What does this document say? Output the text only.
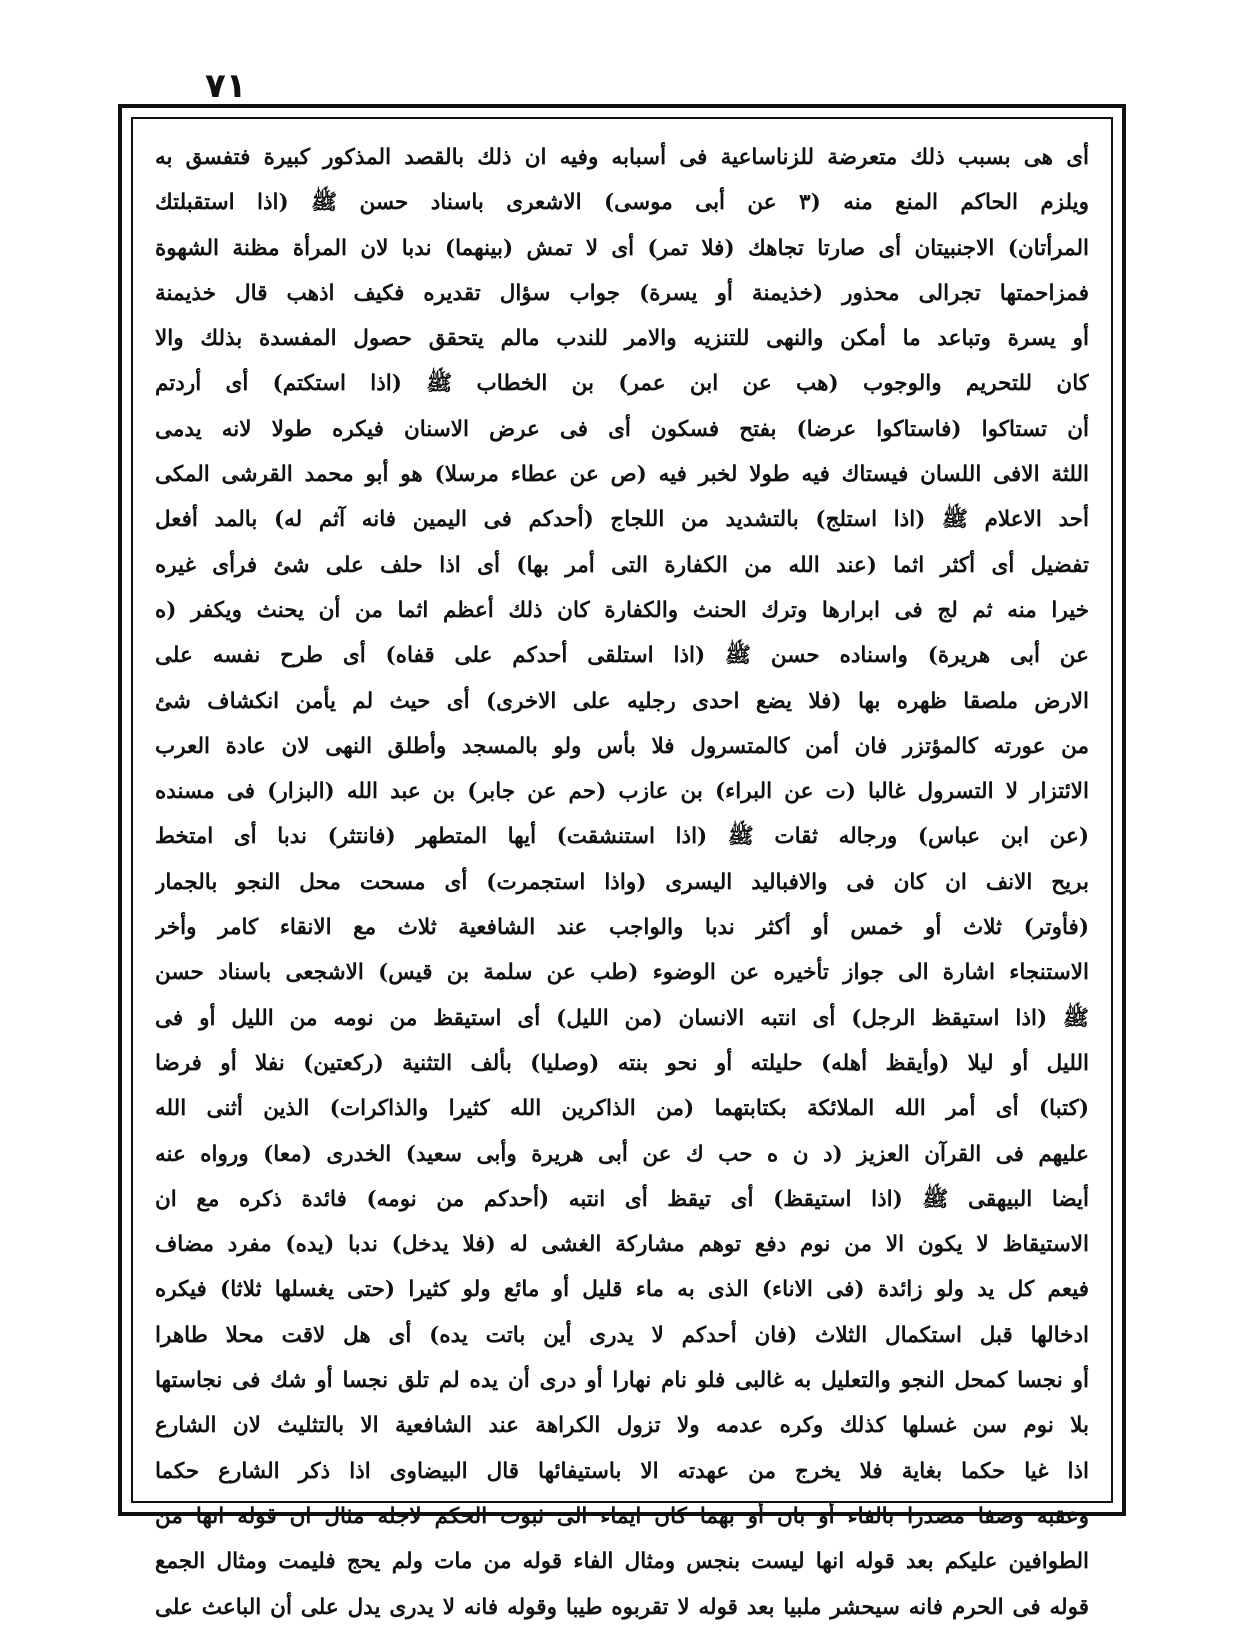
٧١
أى هى بسبب ذلك متعرضة للزناساعية فى أسبابه وفيه ان ذلك بالقصد المذكور كبيرة فتفسق به
ويلزم الحاكم المنع منه (٣ عن أبى موسى) الاشعرى باسناد حسن ﷺ (اذا استقبلتك
المرأتان) الاجنبيتان أى صارتا تجاهك (فلا تمر) أى لا تمش (بينهما) ندبا لان المرأة مظنة الشهوة
فمزاحمتها تجرالى محذور (خذيمنة أو يسرة) جواب سؤال تقديره فكيف اذهب قال خذيمنة
أو يسرة وتباعد ما أمكن والنهى للتنزيه والامر للندب مالم يتحقق حصول المفسدة بذلك والا
كان للتحريم والوجوب (هب عن ابن عمر) بن الخطاب ﷺ (اذا استكتم) أى أردتم
أن تستاكوا (فاستاكوا عرضا) بفتح فسكون أى فى عرض الاسنان فيكره طولا لانه يدمى
اللثة الافى اللسان فيستاك فيه طولا لخبر فيه (ص عن عطاء مرسلا) هو أبو محمد القرشى المكى
أحد الاعلام ﷺ (اذا استلج) بالتشديد من اللجاج (أحدكم فى اليمين فانه آثم له) بالمد أفعل
تفضيل أى أكثر اثما (عند الله من الكفارة التى أمر بها) أى اذا حلف على شئ فرأى غيره
خيرا منه ثم لج فى ابرارها وترك الحنث والكفارة كان ذلك أعظم اثما من أن يحنث ويكفر (ه
عن أبى هريرة) واسناده حسن ﷺ (اذا استلقى أحدكم على قفاه) أى طرح نفسه على
الارض ملصقا ظهره بها (فلا يضع احدى رجليه على الاخرى) أى حيث لم يأمن انكشاف شئ
من عورته كالمؤتزر فان أمن كالمتسرول فلا بأس ولو بالمسجد وأطلق النهى لان عادة العرب
الائتزار لا التسرول غالبا (ت عن البراء) بن عازب (حم عن جابر) بن عبد الله (البزار) فى مسنده
(عن ابن عباس) ورجاله ثقات ﷺ (اذا استنشقت) أيها المتطهر (فانتثر) ندبا أى امتخط
بريح الانف ان كان فى والافباليد اليسرى (واذا استجمرت) أى مسحت محل النجو بالجمار
(فأوتر) ثلاث أو خمس أو أكثر ندبا والواجب عند الشافعية ثلاث مع الانقاء كامر وأخر
الاستنجاء اشارة الى جواز تأخيره عن الوضوء (طب عن سلمة بن قيس) الاشجعى باسناد حسن
ﷺ (اذا استيقظ الرجل) أى انتبه الانسان (من الليل) أى استيقظ من نومه من الليل أو فى
الليل أو ليلا (وأيقظ أهله) حليلته أو نحو بنته (وصليا) بألف التثنية (ركعتين) نفلا أو فرضا
(كتبا) أى أمر الله الملائكة بكتابتهما (من الذاكرين الله كثيرا والذاكرات) الذين أثنى الله
عليهم فى القرآن العزيز (د ن ه حب ك عن أبى هريرة وأبى سعيد) الخدرى (معا) ورواه عنه
أيضا البيهقى ﷺ (اذا استيقظ) أى تيقظ أى انتبه (أحدكم من نومه) فائدة ذكره مع ان
الاستيقاظ لا يكون الا من نوم دفع توهم مشاركة الغشى له (فلا يدخل) ندبا (يده) مفرد مضاف
فيعم كل يد ولو زائدة (فى الاناء) الذى به ماء قليل أو مائع ولو كثيرا (حتى يغسلها ثلاثا) فيكره
ادخالها قبل استكمال الثلاث (فان أحدكم لا يدرى أين باتت يده) أى هل لاقت محلا طاهرا
أو نجسا كمحل النجو والتعليل به غالبى فلو نام نهارا أو درى أن يده لم تلق نجسا أو شك فى نجاستها
بلا نوم سن غسلها كذلك وكره عدمه ولا تزول الكراهة عند الشافعية الا بالتثليث لان الشارع
اذا غيا حكما بغاية فلا يخرج من عهدته الا باستيفائها قال البيضاوى اذا ذكر الشارع حكما
وعقبه وصفا مصدرا بالفاء أو بان أو بهما كان ايماء الى ثبوت الحكم لاجله مثال ان قوله انها من
الطوافين عليكم بعد قوله انها ليست بنجس ومثال الفاء قوله من مات ولم يحج فليمت ومثال الجمع
قوله فى الحرم فانه سيحشر ملبيا بعد قوله لا تقربوه طيبا وقوله فانه لا يدرى يدل على أن الباعث على
